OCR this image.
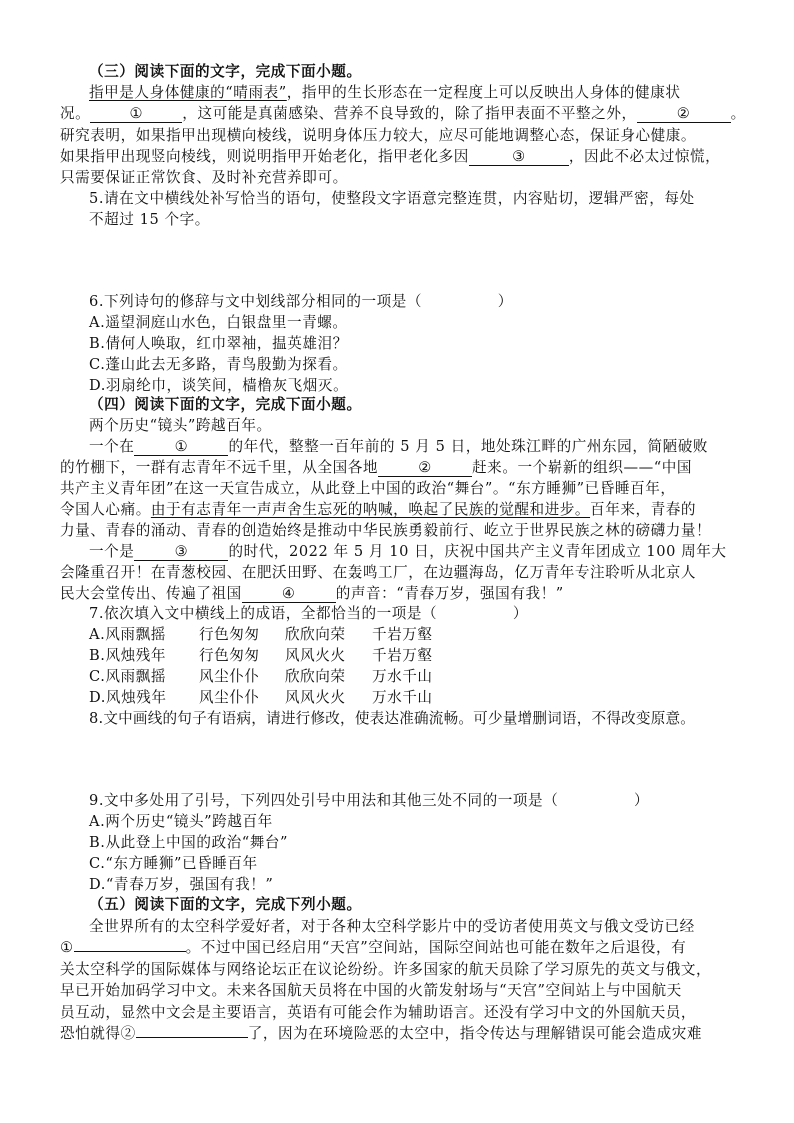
（三）阅读下面的文字，完成下面小题。
指甲是人身体健康的“晴雨表”，指甲的生长形态在一定程度上可以反映出人身体的健康状
况。	①	，这可能是真菌感染、营养不良导致的，除了指甲表面不平整之外，	②	。
研究表明，如果指甲出现横向棱线，说明身体压力较大，应尽可能地调整心态，保证身心健康。
如果指甲出现竖向棱线，则说明指甲开始老化，指甲老化多因	③	，因此不必太过惊慌，
只需要保证正常饮食、及时补充营养即可。
5.请在文中横线处补写恰当的语句，使整段文字语意完整连贯，内容贴切，逻辑严密，每处
不超过 15 个字。
6.下列诗句的修辞与文中划线部分相同的一项是（　　　　　）
A.遥望洞庭山水色，白银盘里一青螺。
B.倩何人唤取，红巾翠袖，揾英雄泪？
C.蓬山此去无多路，青鸟殷勤为探看。
D.羽扇纶巾，谈笑间，樯橹灰飞烟灭。
（四）阅读下面的文字，完成下面小题。
两个历史“镜头”跨越百年。
一个在	①	的年代，整整一百年前的 5 月 5 日，地处珠江畔的广州东园，简陋破败
的竹棚下，一群有志青年不远千里，从全国各地	②	赶来。一个崭新的组织——“中国
共产主义青年团”在这一天宣告成立，从此登上中国的政治“舞台”。“东方睡狮”已昏睡百年，
令国人心痛。由于有志青年一声声舍生忘死的呐喊，唤起了民族的觉醒和进步。百年来，青春的
力量、青春的涌动、青春的创造始终是推动中华民族勇毅前行、屹立于世界民族之林的磅礴力量！
一个是	③	的时代，2022 年 5 月 10 日，庆祝中国共产主义青年团成立 100 周年大
会隆重召开！在青葱校园、在肥沃田野、在轰鸣工厂，在边疆海岛，亿万青年专注聆听从北京人
民大会堂传出、传遍了祖国	④	的声音：“青春万岁，强国有我！”
7.依次填入文中横线上的成语，全都恰当的一项是（　　　　　）
A.风雨飘摇 行色匆匆 欣欣向荣 千岩万壑
B.风烛残年 行色匆匆 风风火火 千岩万壑
C.风雨飘摇 风尘仆仆 欣欣向荣 万水千山
D.风烛残年 风尘仆仆 风风火火 万水千山
8.文中画线的句子有语病，请进行修改，使表达准确流畅。可少量增删词语，不得改变原意。
9.文中多处用了引号，下列四处引号中用法和其他三处不同的一项是（　　　　　）
A.两个历史“镜头”跨越百年
B.从此登上中国的政治“舞台”
C.“东方睡狮”已昏睡百年
D.“青春万岁，强国有我！”
（五）阅读下面的文字，完成下列小题。
全世界所有的太空科学爱好者，对于各种太空科学影片中的受访者使用英文与俄文受访已经
①	。不过中国已经启用“天宫”空间站，国际空间站也可能在数年之后退役，有
关太空科学的国际媒体与网络论坛正在议论纷纷。许多国家的航天员除了学习原先的英文与俄文，
早已开始加码学习中文。未来各国航天员将在中国的火箭发射场与“天宫”空间站上与中国航天
员互动，显然中文会是主要语言，英语有可能会作为辅助语言。还没有学习中文的外国航天员，
恐怕就得②	了，因为在环境险恶的太空中，指令传达与理解错误可能会造成灾难
